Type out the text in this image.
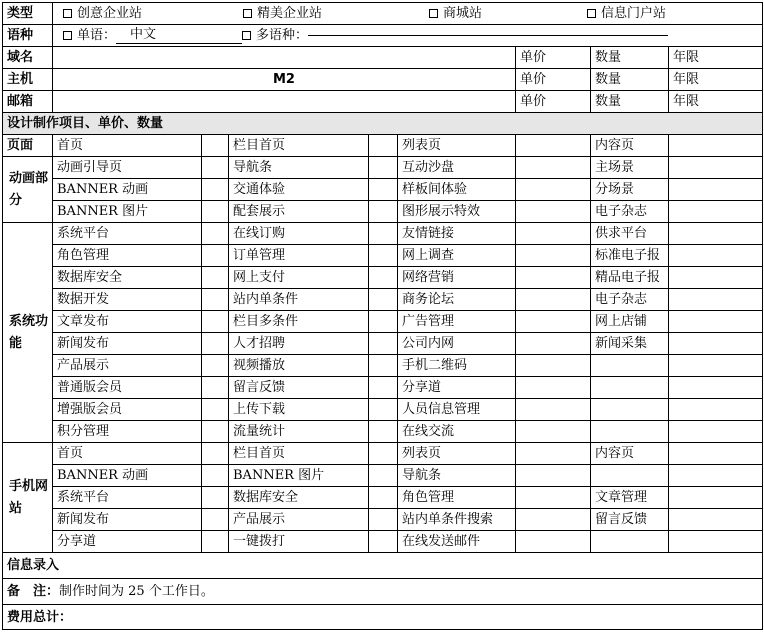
类型	创意企业站 精美企业站 商城站 信息门户站							

语种	单语： 中文 多语种：							

域名						单价	数量	年限
主机	M2					单价	数量	年限
邮箱						单价	数量	年限
设计制作项目、单价、数量								
页面	首页		栏目首页		列表页		内容页	
动画部分	动画引导页		导航条		互动沙盘		主场景	
	BANNER 动画		交通体验		样板间体验		分场景	
	BANNER 图片		配套展示		图形展示特效		电子杂志	
系统功能	系统平台		在线订购		友情链接		供求平台	
	角色管理		订单管理		网上调查		标准电子报	
	数据库安全		网上支付		网络营销		精品电子报	
	数据开发		站内单条件		商务论坛		电子杂志	
	文章发布		栏目多条件		广告管理		网上店铺	
	新闻发布		人才招聘		公司内网		新闻采集	
	产品展示		视频播放		手机二维码			
	普通版会员		留言反馈		分享道			
	增强版会员		上传下载		人员信息管理			
	积分管理		流量统计		在线交流			
手机网站	首页		栏目首页		列表页		内容页	
	BANNER 动画		BANNER 图片		导航条			
	系统平台		数据库安全		角色管理		文章管理	
	新闻发布		产品展示		站内单条件搜索		留言反馈	
	分享道		一键拨打		在线发送邮件			
信息录入								
备　注：制作时间为 25 个工作日。								
费用总计：								
